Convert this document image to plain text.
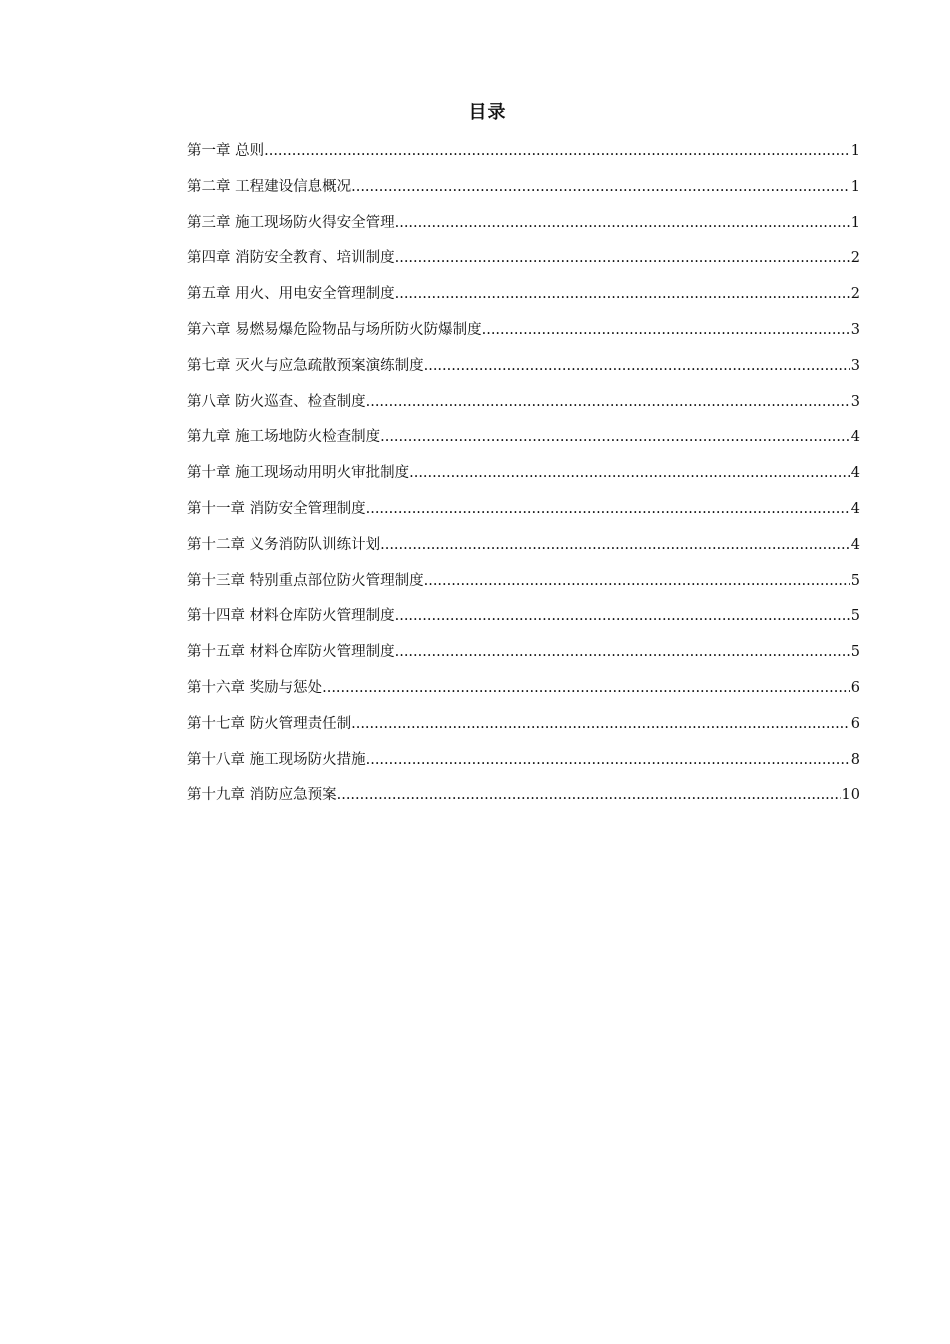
目录
第一章 总则 .....	1
第二章 工程建设信息概况 .....	1
第三章 施工现场防火得安全管理 .....	1
第四章 消防安全教育、培训制度 .....	2
第五章 用火、用电安全管理制度 .....	2
第六章 易燃易爆危险物品与场所防火防爆制度 .....	3
第七章 灭火与应急疏散预案演练制度 .....	3
第八章 防火巡查、检查制度 .....	3
第九章 施工场地防火检查制度 .....	4
第十章 施工现场动用明火审批制度 .....	4
第十一章 消防安全管理制度 .....	4
第十二章 义务消防队训练计划 .....	4
第十三章 特别重点部位防火管理制度 .....	5
第十四章 材料仓库防火管理制度 .....	5
第十五章 材料仓库防火管理制度 .....	5
第十六章 奖励与惩处 .....	6
第十七章 防火管理责任制 .....	6
第十八章 施工现场防火措施 .....	8
第十九章 消防应急预案 .....	10
